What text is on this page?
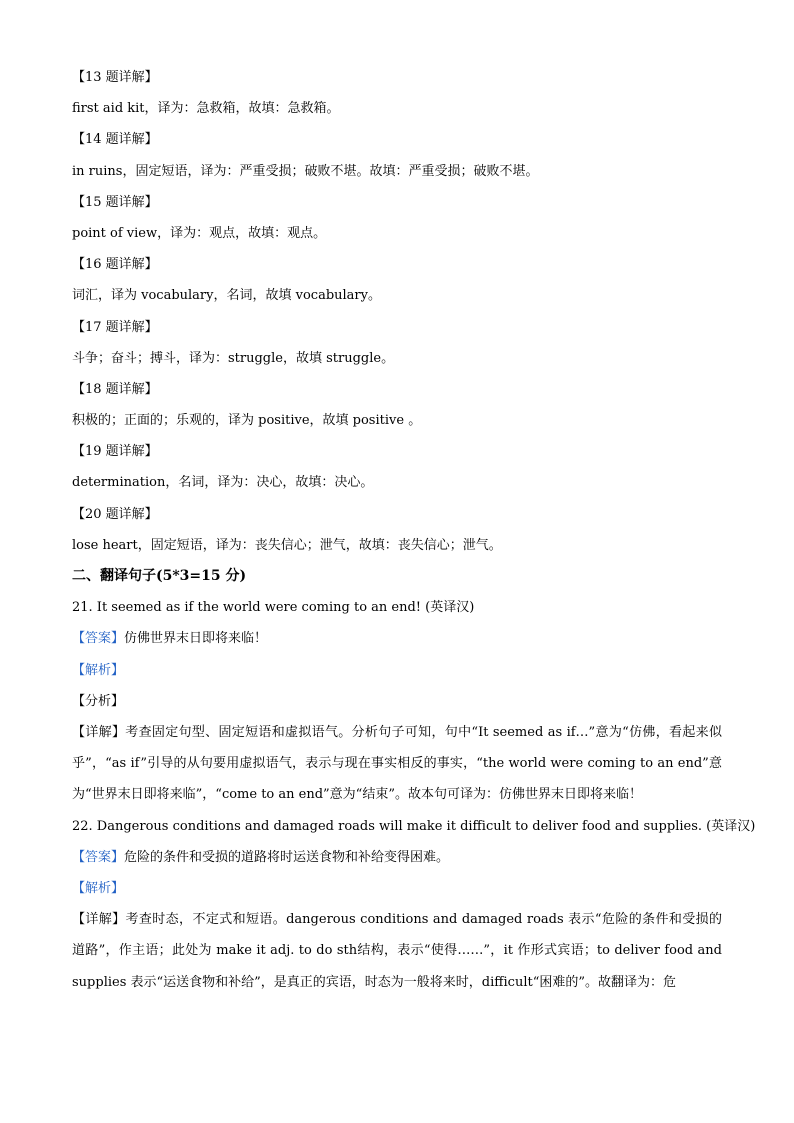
【13 题详解】
first aid kit，译为：急救箱，故填：急救箱。
【14 题详解】
in ruins，固定短语，译为：严重受损；破败不堪。故填：严重受损；破败不堪。
【15 题详解】
point of view，译为：观点，故填：观点。
【16 题详解】
词汇，译为 vocabulary，名词，故填 vocabulary。
【17 题详解】
斗争；奋斗；搏斗，译为：struggle，故填 struggle。
【18 题详解】
积极的；正面的；乐观的，译为 positive，故填 positive 。
【19 题详解】
determination，名词，译为：决心，故填：决心。
【20 题详解】
lose heart，固定短语，译为：丧失信心；泄气，故填：丧失信心；泄气。
二、翻译句子(5*3=15 分)
21. It seemed as if the world were coming to an end! (英译汉)
【答案】仿佛世界末日即将来临！
【解析】
【分析】
【详解】考查固定句型、固定短语和虚拟语气。分析句子可知，句中“It seemed as if…”意为“仿佛，看起来似乎”，“as if”引导的从句要用虚拟语气，表示与现在事实相反的事实，“the world were coming to an end”意为“世界末日即将来临”，“come to an end”意为“结束”。故本句可译为：仿佛世界末日即将来临！
22. Dangerous conditions and damaged roads will make it difficult to deliver food and supplies. (英译汉)
【答案】危险的条件和受损的道路将时运送食物和补给变得困难。
【解析】
【详解】考查时态，不定式和短语。dangerous conditions and damaged roads 表示“危险的条件和受损的道路”，作主语；此处为 make it adj. to do sth结构，表示“使得……”，it 作形式宾语；to deliver food and supplies 表示“运送食物和补给”，是真正的宾语，时态为一般将来时，difficult“困难的”。故翻译为：危
